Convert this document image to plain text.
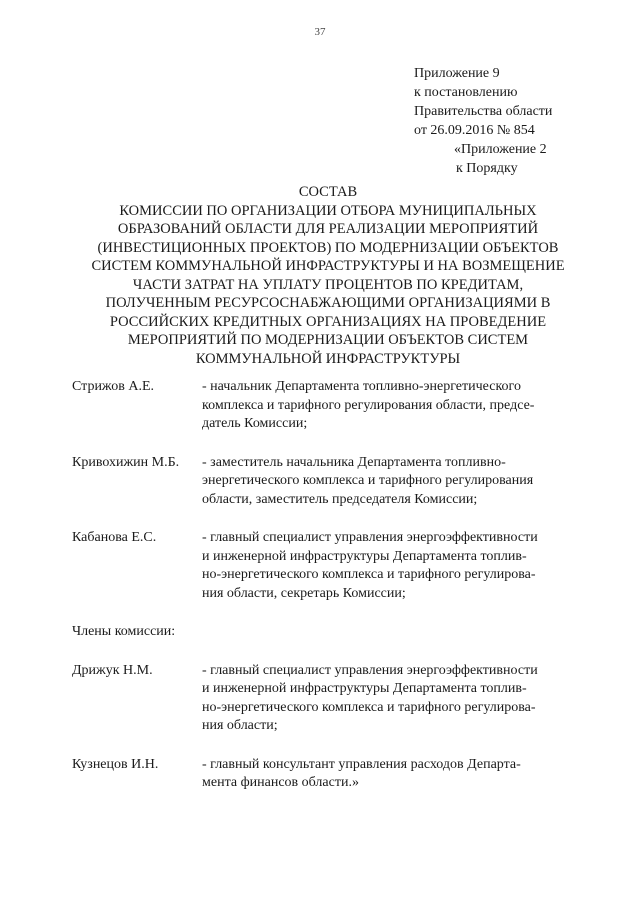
37
Приложение 9
к постановлению
Правительства области
от 26.09.2016 № 854
«Приложение 2
к Порядку
СОСТАВ
КОМИССИИ ПО ОРГАНИЗАЦИИ ОТБОРА МУНИЦИПАЛЬНЫХ
ОБРАЗОВАНИЙ ОБЛАСТИ ДЛЯ РЕАЛИЗАЦИИ МЕРОПРИЯТИЙ
(ИНВЕСТИЦИОННЫХ ПРОЕКТОВ) ПО МОДЕРНИЗАЦИИ ОБЪЕКТОВ
СИСТЕМ КОММУНАЛЬНОЙ ИНФРАСТРУКТУРЫ И НА ВОЗМЕЩЕНИЕ
ЧАСТИ ЗАТРАТ НА УПЛАТУ ПРОЦЕНТОВ ПО КРЕДИТАМ,
ПОЛУЧЕННЫМ РЕСУРСОСНАБЖАЮЩИМИ ОРГАНИЗАЦИЯМИ В
РОССИЙСКИХ КРЕДИТНЫХ ОРГАНИЗАЦИЯХ НА ПРОВЕДЕНИЕ
МЕРОПРИЯТИЙ ПО МОДЕРНИЗАЦИИ ОБЪЕКТОВ СИСТЕМ
КОММУНАЛЬНОЙ ИНФРАСТРУКТУРЫ
Стрижов А.Е.	- начальник Департамента топливно-энергетического
комплекса и тарифного регулирования области, предсе-
датель Комиссии;
Кривохижин М.Б.	- заместитель начальника Департамента топливно-
энергетического комплекса и тарифного регулирования
области, заместитель председателя Комиссии;
Кабанова Е.С.	- главный специалист управления энергоэффективности
и инженерной инфраструктуры Департамента топлив-
но-энергетического комплекса и тарифного регулирова-
ния области, секретарь Комиссии;
Члены комиссии:
Дрижук Н.М.	- главный специалист управления энергоэффективности
и инженерной инфраструктуры Департамента топлив-
но-энергетического комплекса и тарифного регулирова-
ния области;
Кузнецов И.Н.	- главный консультант управления расходов Департа-
мента финансов области.»
